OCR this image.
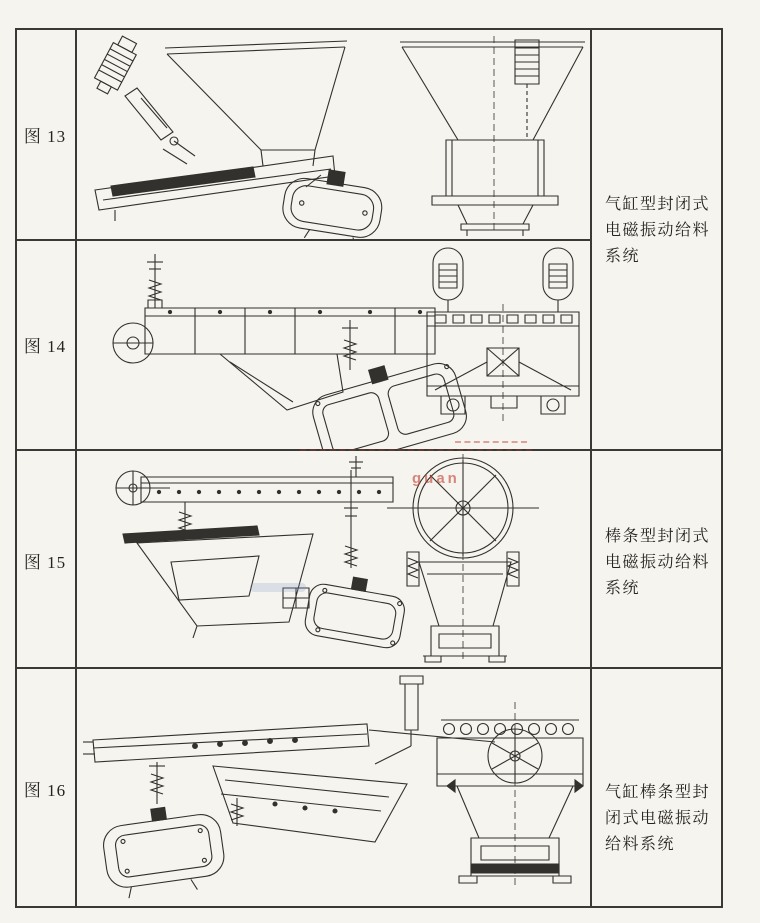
图 13
图 14
图 15
图 16
气缸型封闭式
电磁振动给料
系统
棒条型封闭式
电磁振动给料
系统
气缸棒条型封
闭式电磁振动
给料系统
guan
